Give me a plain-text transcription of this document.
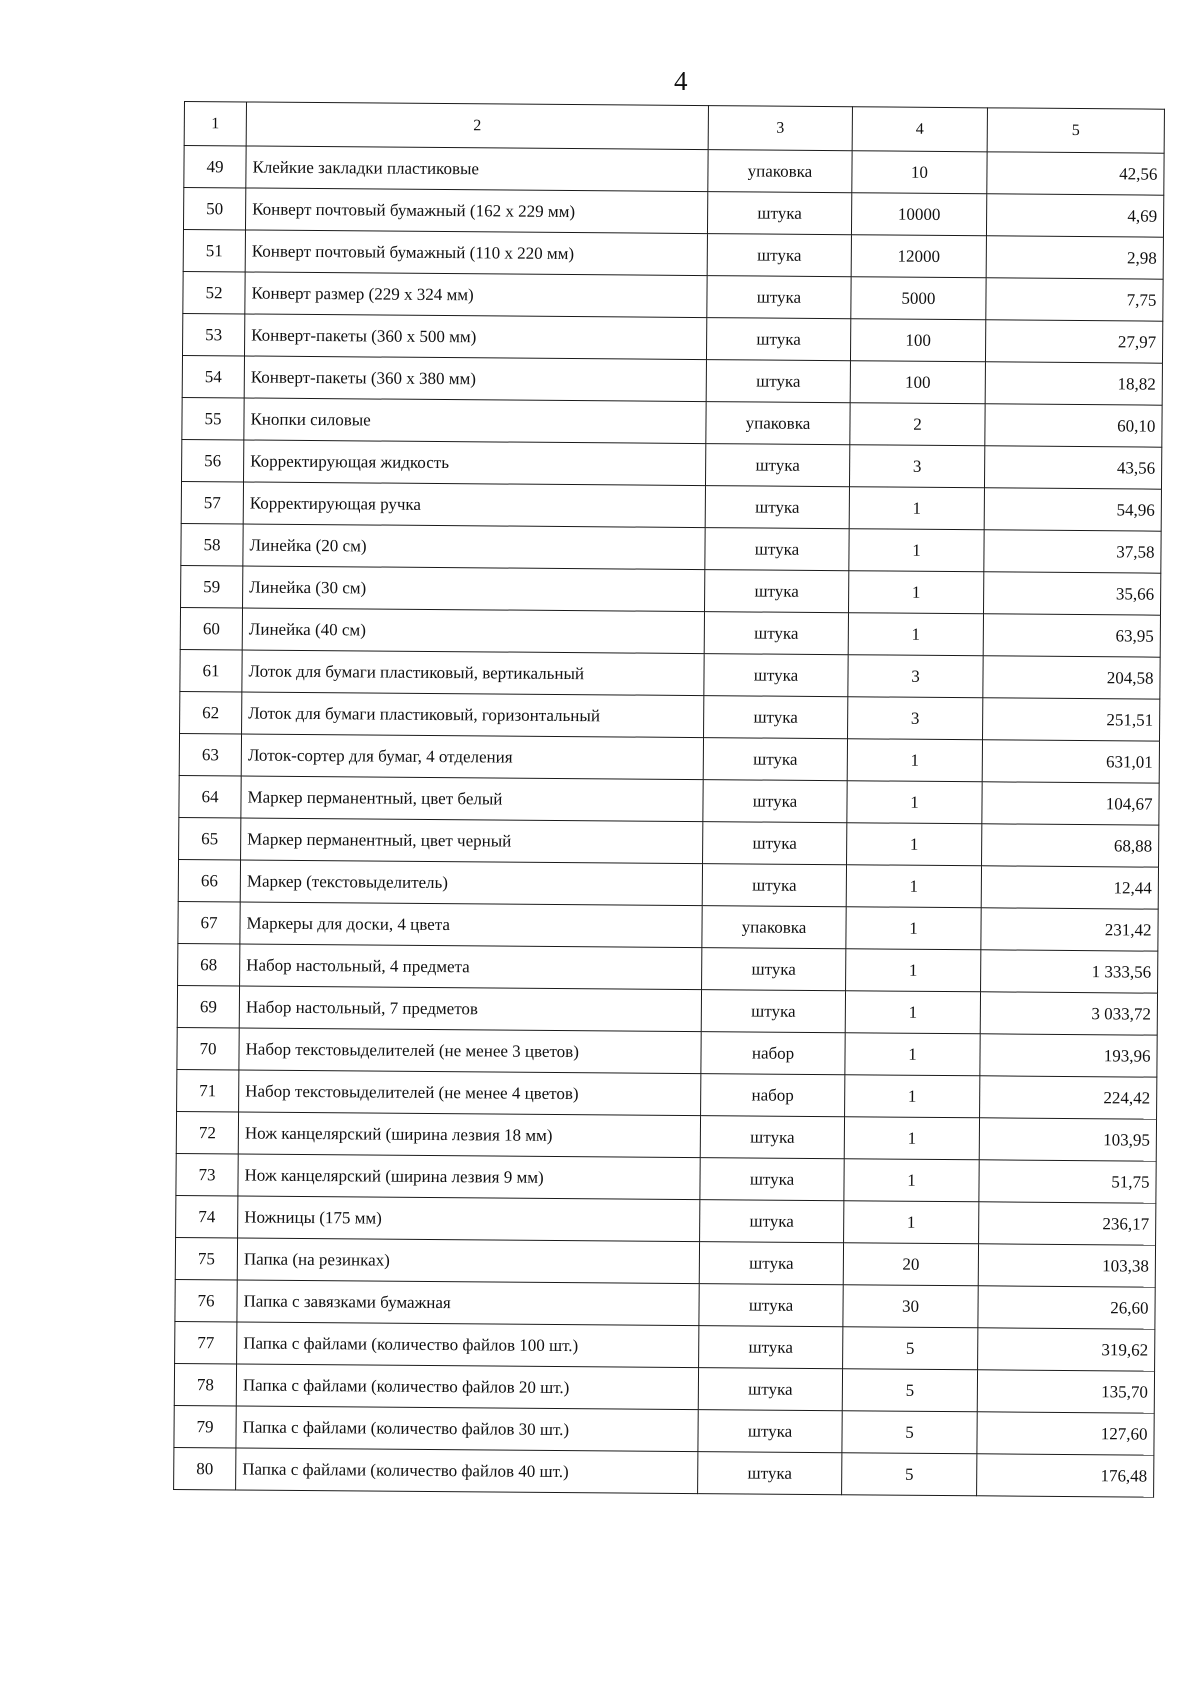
4
1	2	3	4	5
49	Клейкие закладки пластиковые	упаковка	10	42,56
50	Конверт почтовый бумажный (162 х 229 мм)	штука	10000	4,69
51	Конверт почтовый бумажный (110 х 220 мм)	штука	12000	2,98
52	Конверт размер (229 х 324 мм)	штука	5000	7,75
53	Конверт-пакеты (360 х 500 мм)	штука	100	27,97
54	Конверт-пакеты (360 х 380 мм)	штука	100	18,82
55	Кнопки силовые	упаковка	2	60,10
56	Корректирующая жидкость	штука	3	43,56
57	Корректирующая ручка	штука	1	54,96
58	Линейка (20 см)	штука	1	37,58
59	Линейка (30 см)	штука	1	35,66
60	Линейка (40 см)	штука	1	63,95
61	Лоток для бумаги пластиковый, вертикальный	штука	3	204,58
62	Лоток для бумаги пластиковый, горизонтальный	штука	3	251,51
63	Лоток-сортер для бумаг, 4 отделения	штука	1	631,01
64	Маркер перманентный, цвет белый	штука	1	104,67
65	Маркер перманентный, цвет черный	штука	1	68,88
66	Маркер (текстовыделитель)	штука	1	12,44
67	Маркеры для доски, 4 цвета	упаковка	1	231,42
68	Набор настольный, 4 предмета	штука	1	1 333,56
69	Набор настольный, 7 предметов	штука	1	3 033,72
70	Набор текстовыделителей (не менее 3 цветов)	набор	1	193,96
71	Набор текстовыделителей (не менее 4 цветов)	набор	1	224,42
72	Нож канцелярский (ширина лезвия 18 мм)	штука	1	103,95
73	Нож канцелярский (ширина лезвия 9 мм)	штука	1	51,75
74	Ножницы (175 мм)	штука	1	236,17
75	Папка (на резинках)	штука	20	103,38
76	Папка с завязками бумажная	штука	30	26,60
77	Папка с файлами (количество файлов 100 шт.)	штука	5	319,62
78	Папка с файлами (количество файлов 20 шт.)	штука	5	135,70
79	Папка с файлами (количество файлов 30 шт.)	штука	5	127,60
80	Папка с файлами (количество файлов 40 шт.)	штука	5	176,48
